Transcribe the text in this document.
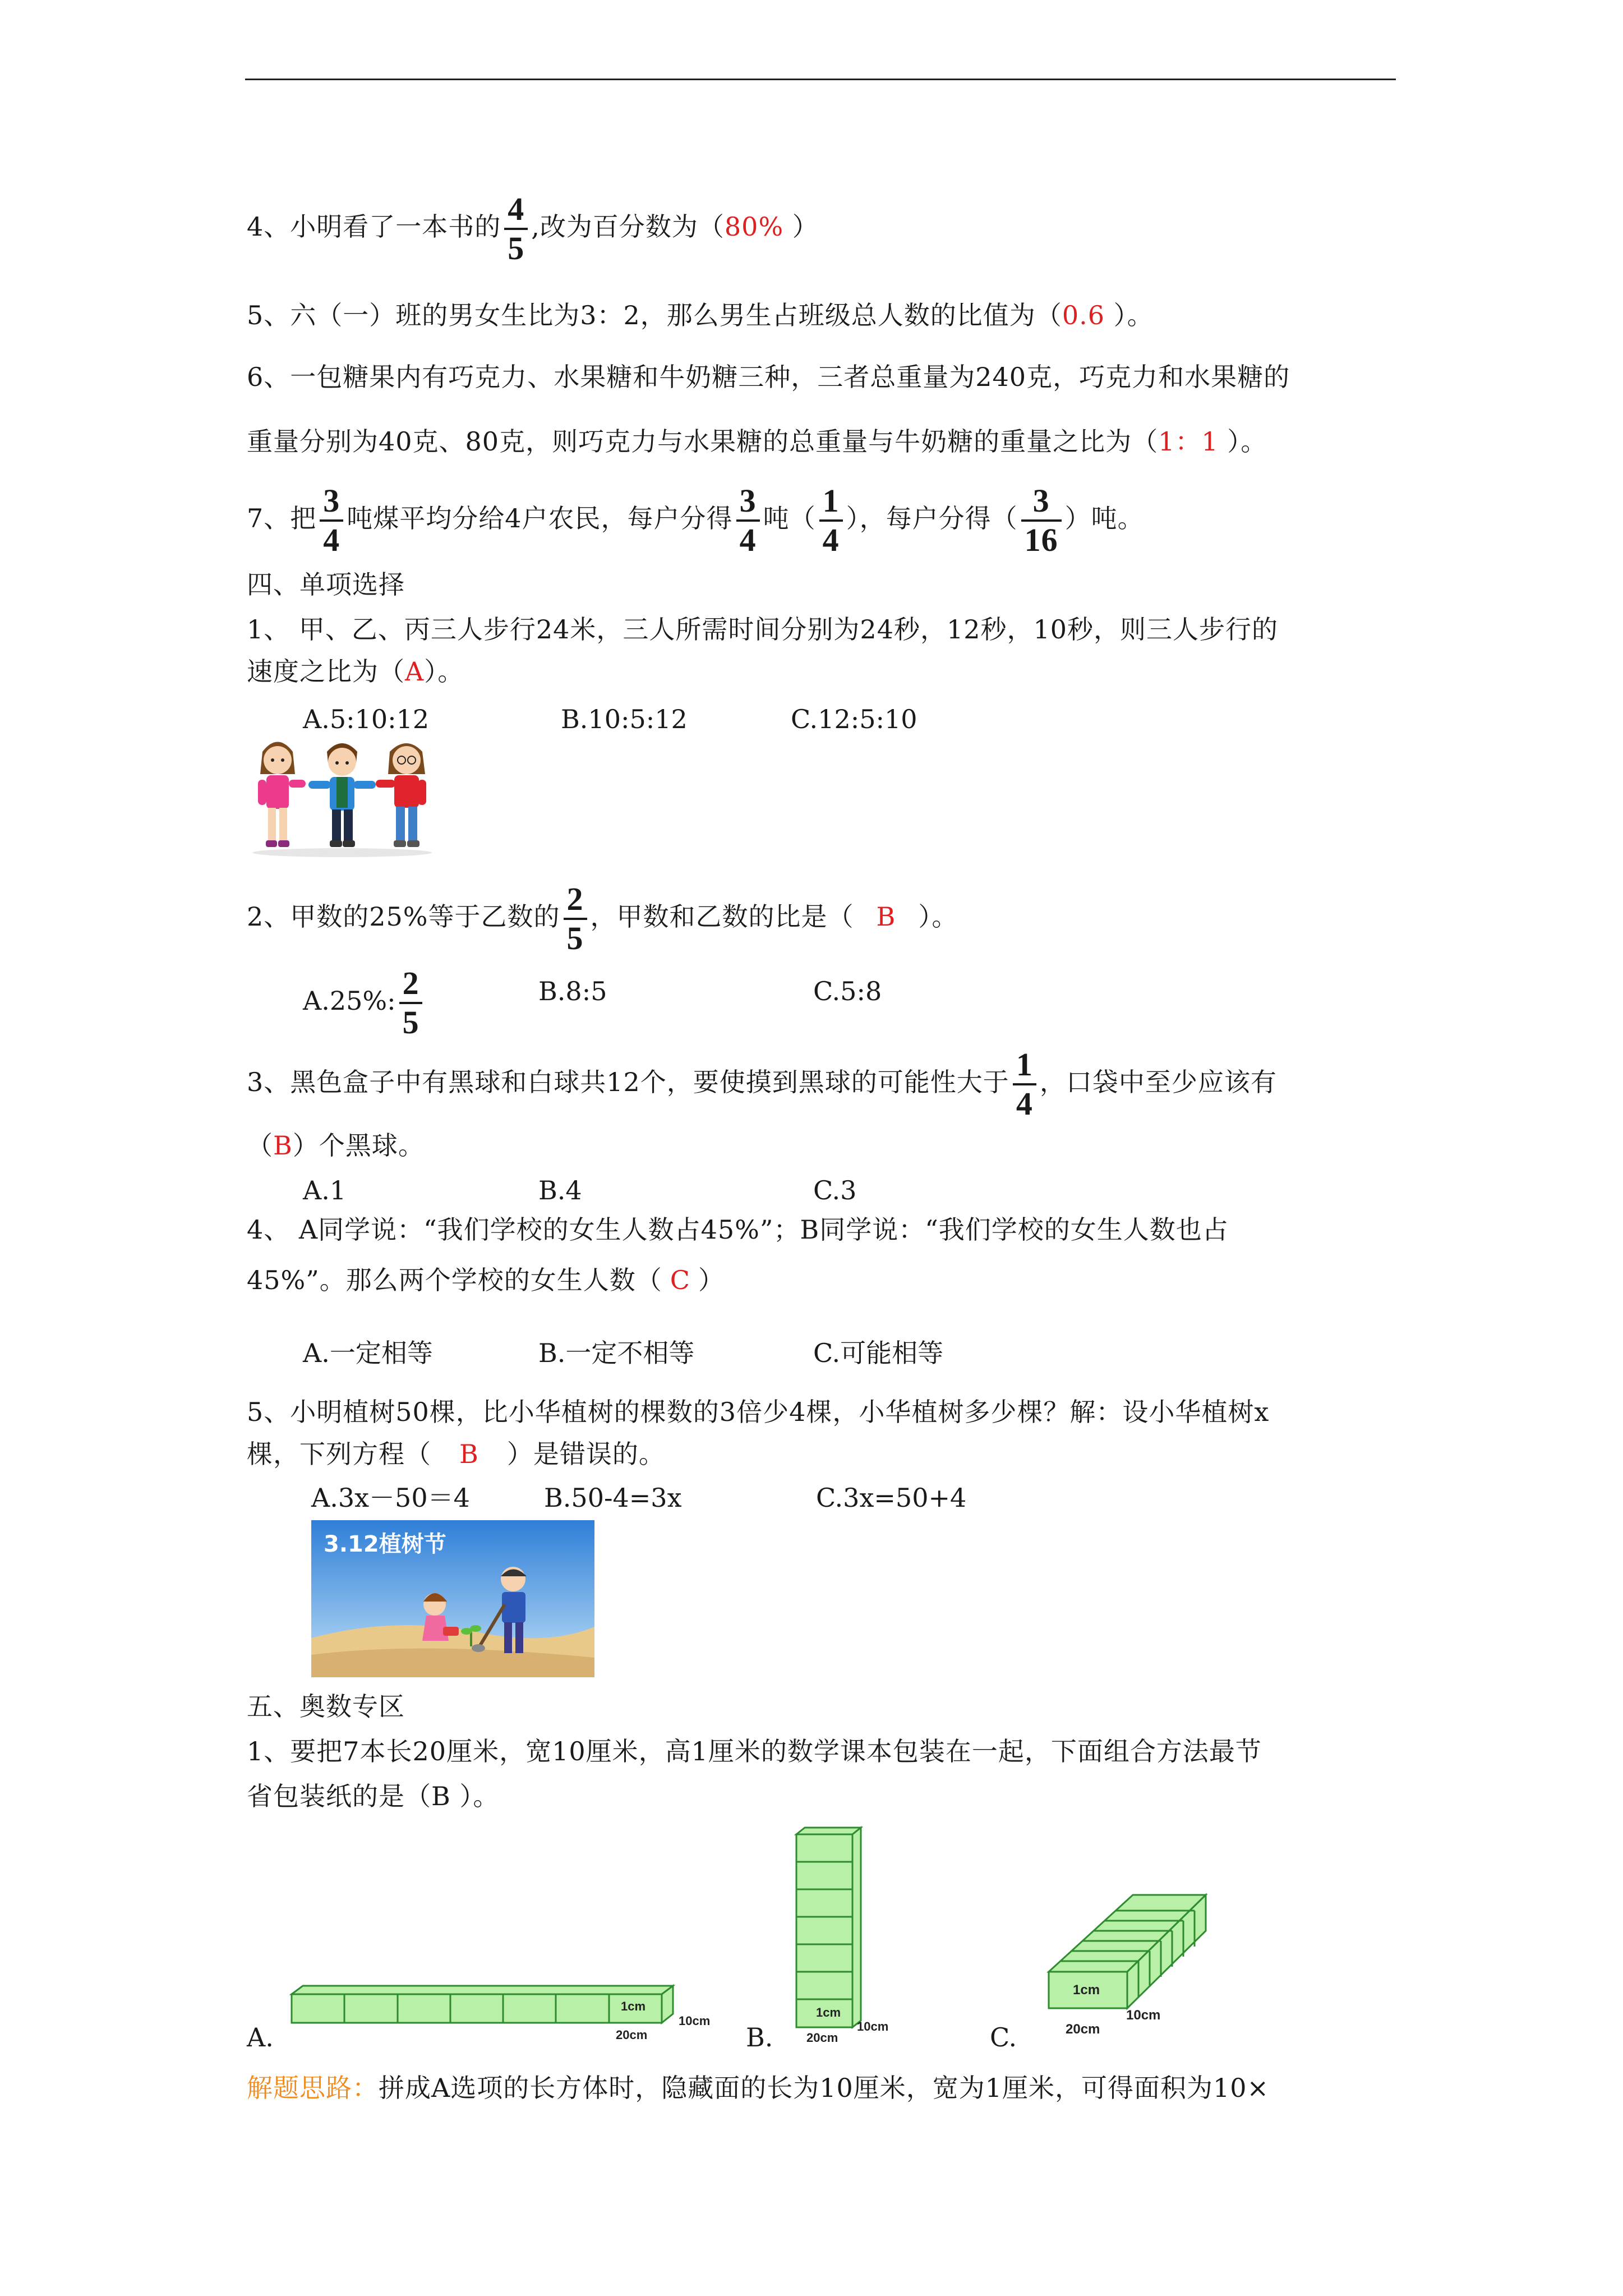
4、小明看了一本书的 $\frac{4}{5}$ ,改为百分数为（80% ）
5、六（一）班的男女生比为3：2，那么男生占班级总人数的比值为（0.6 ）。
6、一包糖果内有巧克力、水果糖和牛奶糖三种，三者总重量为240克，巧克力和水果糖的
重量分别为40克、80克，则巧克力与水果糖的总重量与牛奶糖的重量之比为（1：1 ）。
7、把 $\frac{3}{4}$ 吨煤平均分给4户农民，每户分得 $\frac{3}{4}$ 吨（ $\frac{1}{4}$ ），每户分得（ $\frac{3}{16}$ ）吨。
四、单项选择
1、 甲、乙、丙三人步行24米，三人所需时间分别为24秒，12秒，10秒，则三人步行的
速度之比为（A）。
A.5:10:12	B.10:5:12	C.12:5:10
2、甲数的25%等于乙数的 $\frac{2}{5}$ ，甲数和乙数的比是（ B ）。
A.25%: $\frac{2}{5}$	B.8:5	C.5:8
3、黑色盒子中有黑球和白球共12个，要使摸到黑球的可能性大于 $\frac{1}{4}$ ，口袋中至少应该有
（B）个黑球。
A.1	B.4	C.3
4、 A同学说：“我们学校的女生人数占45%”；B同学说：“我们学校的女生人数也占
45%”。那么两个学校的女生人数（ C ）
A.一定相等	B.一定不相等	C.可能相等
5、小明植树50棵，比小华植树的棵数的3倍少4棵，小华植树多少棵？解：设小华植树x
棵，下列方程（ B ）是错误的。
A.3x－50＝4	B.50-4=3x	C.3x=50+4
3.12植树节
五、奥数专区
1、要把7本长20厘米，宽10厘米，高1厘米的数学课本包装在一起，下面组合方法最节
省包装纸的是（B ）。
1cm
10cm
20cm
1cm
10cm
20cm
1cm
10cm
20cm
A.	B.	C.
解题思路：拼成A选项的长方体时，隐藏面的长为10厘米，宽为1厘米，可得面积为10×
